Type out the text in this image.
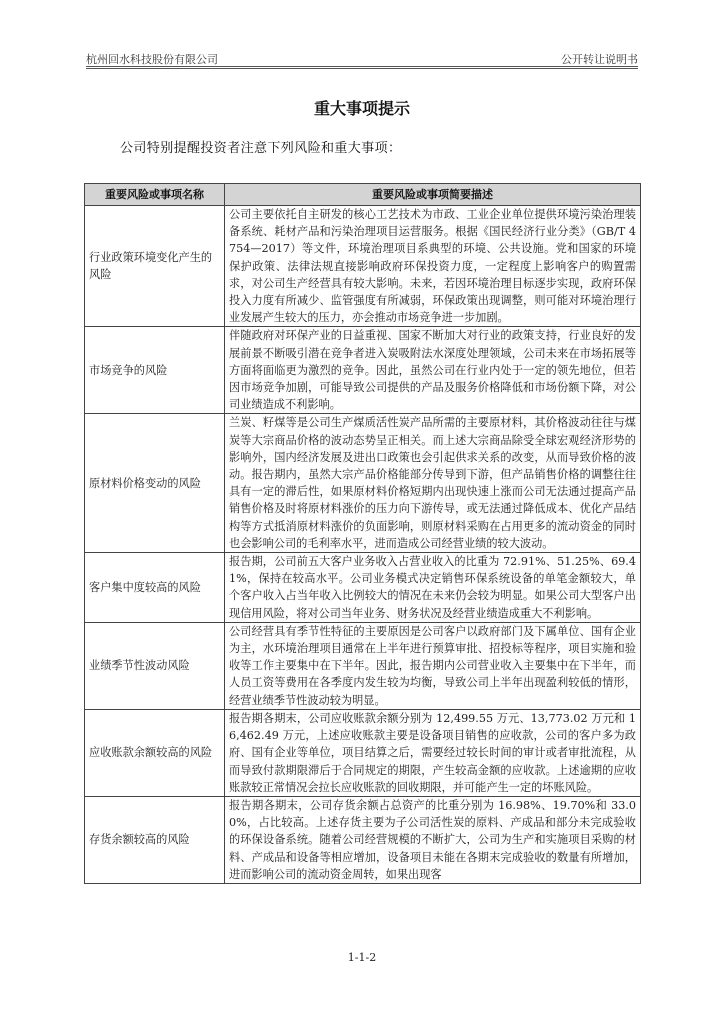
杭州回水科技股份有限公司	公开转让说明书
重大事项提示
公司特别提醒投资者注意下列风险和重大事项：
重要风险或事项名称	重要风险或事项简要描述
行业政策环境变化产生的风险	公司主要依托自主研发的核心工艺技术为市政、工业企业单位提供环境污染治理装备系统、耗材产品和污染治理项目运营服务。根据《国民经济行业分类》（GB/T 4754—2017）等文件，环境治理项目系典型的环境、公共设施。党和国家的环境保护政策、法律法规直接影响政府环保投资力度，一定程度上影响客户的购置需求，对公司生产经营具有较大影响。未来，若因环境治理目标逐步实现，政府环保投入力度有所减少、监管强度有所减弱，环保政策出现调整，则可能对环境治理行业发展产生较大的压力，亦会推动市场竞争进一步加剧。
市场竞争的风险	伴随政府对环保产业的日益重视、国家不断加大对行业的政策支持，行业良好的发展前景不断吸引潜在竞争者进入炭吸附法水深度处理领域，公司未来在市场拓展等方面将面临更为激烈的竞争。因此，虽然公司在行业内处于一定的领先地位，但若因市场竞争加剧，可能导致公司提供的产品及服务价格降低和市场份额下降，对公司业绩造成不利影响。
原材料价格变动的风险	兰炭、籽煤等是公司生产煤质活性炭产品所需的主要原材料，其价格波动往往与煤炭等大宗商品价格的波动态势呈正相关。而上述大宗商品除受全球宏观经济形势的影响外，国内经济发展及进出口政策也会引起供求关系的改变，从而导致价格的波动。报告期内，虽然大宗产品价格能部分传导到下游，但产品销售价格的调整往往具有一定的滞后性，如果原材料价格短期内出现快速上涨而公司无法通过提高产品销售价格及时将原材料涨价的压力向下游传导，或无法通过降低成本、优化产品结构等方式抵消原材料涨价的负面影响，则原材料采购在占用更多的流动资金的同时也会影响公司的毛利率水平，进而造成公司经营业绩的较大波动。
客户集中度较高的风险	报告期，公司前五大客户业务收入占营业收入的比重为 72.91%、51.25%、69.41%，保持在较高水平。公司业务模式决定销售环保系统设备的单笔金额较大，单个客户收入占当年收入比例较大的情况在未来仍会较为明显。如果公司大型客户出现信用风险，将对公司当年业务、财务状况及经营业绩造成重大不利影响。
业绩季节性波动风险	公司经营具有季节性特征的主要原因是公司客户以政府部门及下属单位、国有企业为主，水环境治理项目通常在上半年进行预算审批、招投标等程序，项目实施和验收等工作主要集中在下半年。因此，报告期内公司营业收入主要集中在下半年，而人员工资等费用在各季度内发生较为均衡，导致公司上半年出现盈利较低的情形，经营业绩季节性波动较为明显。
应收账款余额较高的风险	报告期各期末，公司应收账款余额分别为 12,499.55 万元、13,773.02 万元和 16,462.49 万元，上述应收账款主要是设备项目销售的应收款，公司的客户多为政府、国有企业等单位，项目结算之后，需要经过较长时间的审计或者审批流程，从而导致付款期限滞后于合同规定的期限，产生较高金额的应收款。上述逾期的应收账款较正常情况会拉长应收账款的回收期限，并可能产生一定的坏账风险。
存货余额较高的风险	报告期各期末，公司存货余额占总资产的比重分别为 16.98%、19.70%和 33.00%，占比较高。上述存货主要为子公司活性炭的原料、产成品和部分未完成验收的环保设备系统。随着公司经营规模的不断扩大，公司为生产和实施项目采购的材料、产成品和设备等相应增加，设备项目未能在各期末完成验收的数量有所增加，进而影响公司的流动资金周转，如果出现客
1-1-2
